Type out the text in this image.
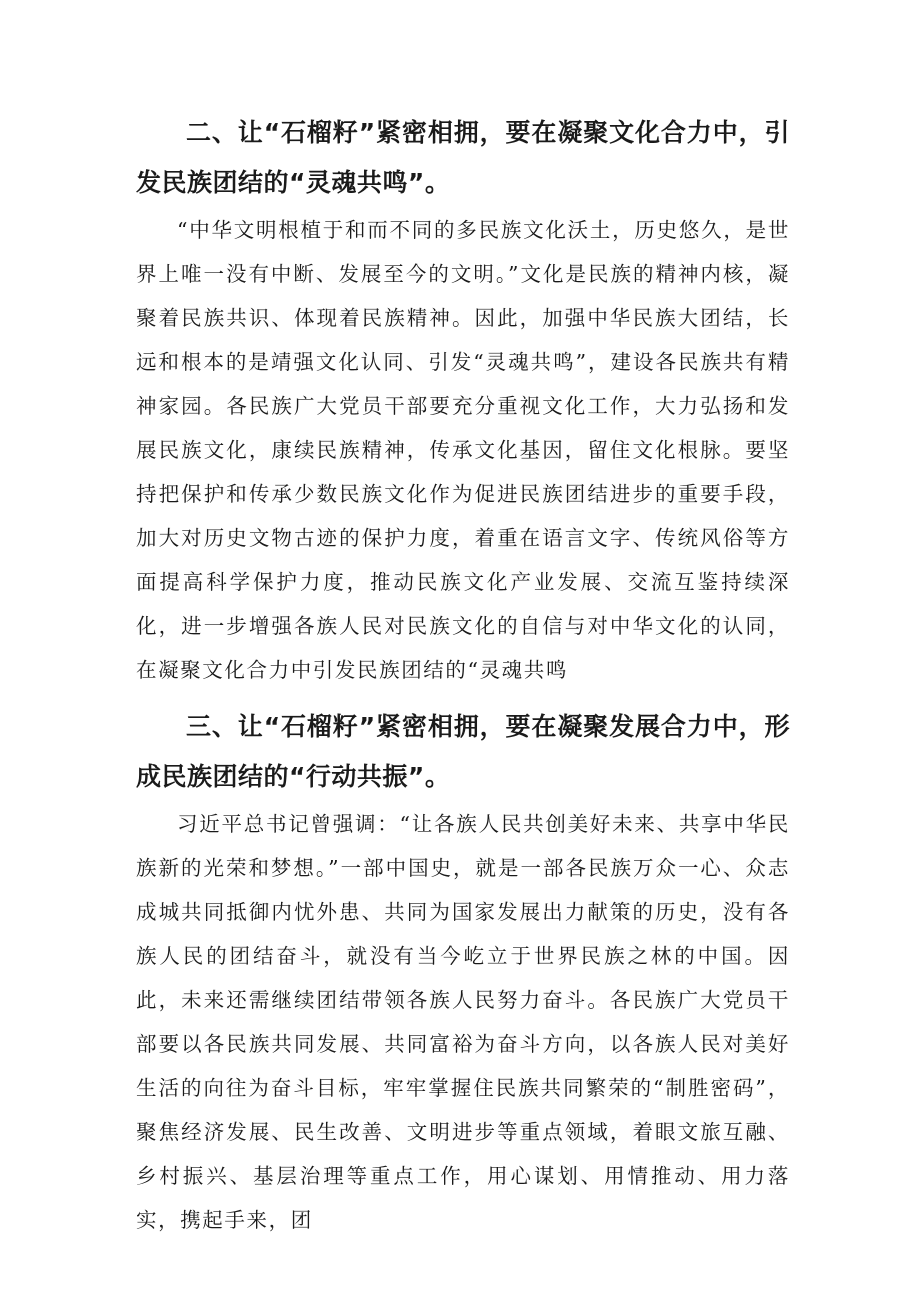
二、让“石榴籽”紧密相拥，要在凝聚文化合力中，引发民族团结的“灵魂共鸣”。

“中华文明根植于和而不同的多民族文化沃土，历史悠久，是世界上唯一没有中断、发展至今的文明。”文化是民族的精神内核，凝聚着民族共识、体现着民族精神。因此，加强中华民族大团结，长远和根本的是靖强文化认同、引发“灵魂共鸣”，建设各民族共有精神家园。各民族广大党员干部要充分重视文化工作，大力弘扬和发展民族文化，康续民族精神，传承文化基因，留住文化根脉。要坚持把保护和传承少数民族文化作为促进民族团结进步的重要手段，加大对历史文物古迹的保护力度，着重在语言文字、传统风俗等方面提高科学保护力度，推动民族文化产业发展、交流互鉴持续深化，进一步增强各族人民对民族文化的自信与对中华文化的认同，在凝聚文化合力中引发民族团结的“灵魂共鸣

三、让“石榴籽”紧密相拥，要在凝聚发展合力中，形成民族团结的“行动共振”。

习近平总书记曾强调：“让各族人民共创美好未来、共享中华民族新的光荣和梦想。”一部中国史，就是一部各民族万众一心、众志成城共同抵御内忧外患、共同为国家发展出力献策的历史，没有各族人民的团结奋斗，就没有当今屹立于世界民族之林的中国。因此，未来还需继续团结带领各族人民努力奋斗。各民族广大党员干部要以各民族共同发展、共同富裕为奋斗方向，以各族人民对美好生活的向往为奋斗目标，牢牢掌握住民族共同繁荣的“制胜密码”，聚焦经济发展、民生改善、文明进步等重点领域，着眼文旅互融、乡村振兴、基层治理等重点工作，用心谋划、用情推动、用力落实，携起手来，团
